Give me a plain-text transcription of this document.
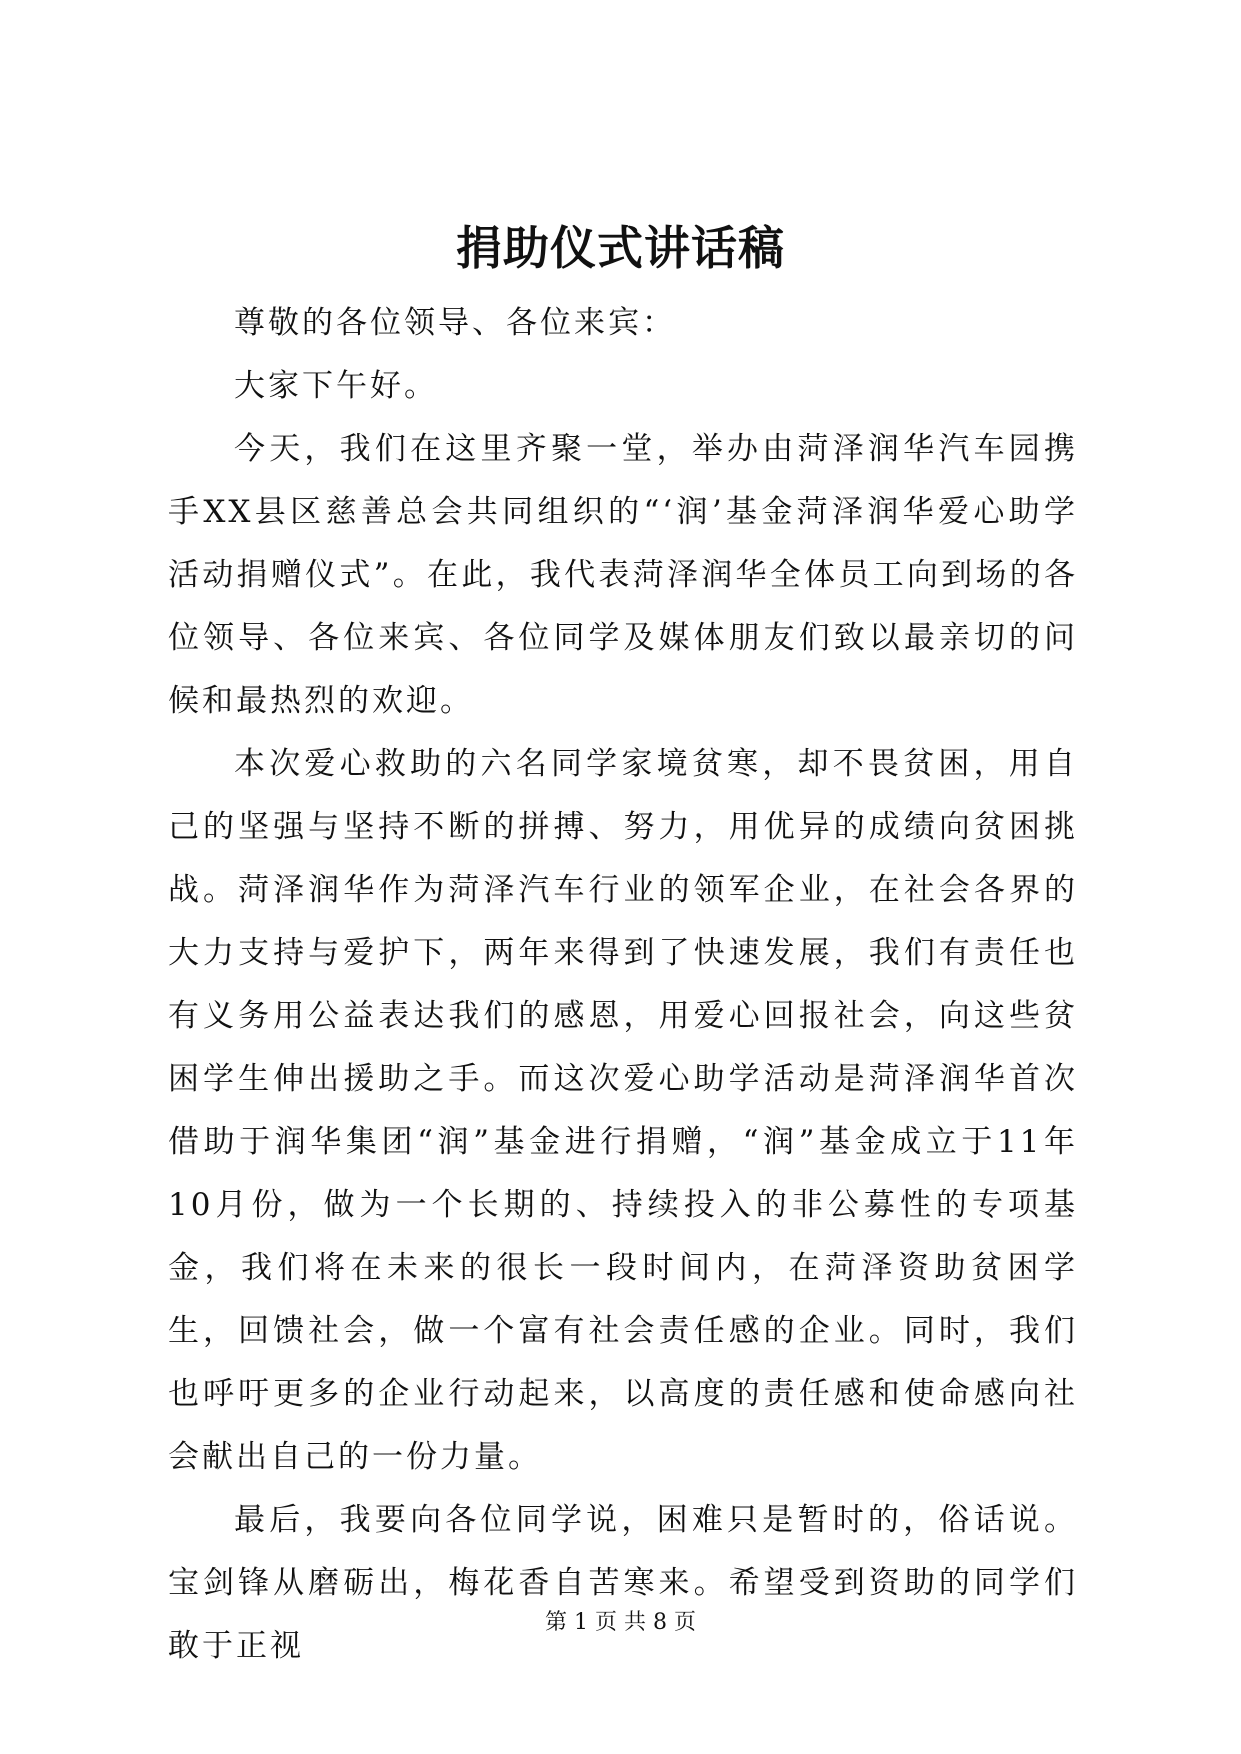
捐助仪式讲话稿

尊敬的各位领导、各位来宾：

大家下午好。

今天，我们在这里齐聚一堂，举办由菏泽润华汽车园携手XX县区慈善总会共同组织的“‘润’基金菏泽润华爱心助学活动捐赠仪式”。在此，我代表菏泽润华全体员工向到场的各位领导、各位来宾、各位同学及媒体朋友们致以最亲切的问候和最热烈的欢迎。

本次爱心救助的六名同学家境贫寒，却不畏贫困，用自己的坚强与坚持不断的拼搏、努力，用优异的成绩向贫困挑战。菏泽润华作为菏泽汽车行业的领军企业，在社会各界的大力支持与爱护下，两年来得到了快速发展，我们有责任也有义务用公益表达我们的感恩，用爱心回报社会，向这些贫困学生伸出援助之手。而这次爱心助学活动是菏泽润华首次借助于润华集团“润”基金进行捐赠，“润”基金成立于11年10月份，做为一个长期的、持续投入的非公募性的专项基金，我们将在未来的很长一段时间内，在菏泽资助贫困学生，回馈社会，做一个富有社会责任感的企业。同时，我们也呼吁更多的企业行动起来，以高度的责任感和使命感向社会献出自己的一份力量。

最后，我要向各位同学说，困难只是暂时的，俗话说。宝剑锋从磨砺出，梅花香自苦寒来。希望受到资助的同学们敢于正视

第 1 页 共 8 页
